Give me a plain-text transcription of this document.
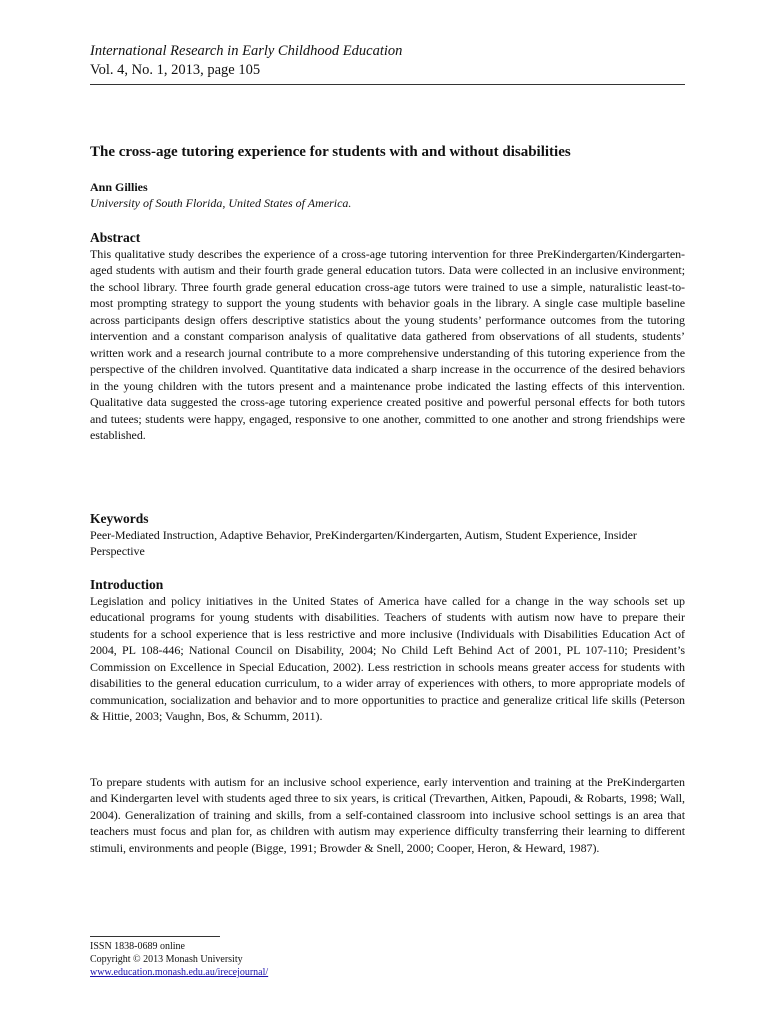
International Research in Early Childhood Education
Vol. 4, No. 1, 2013, page 105
The cross-age tutoring experience for students with and without disabilities
Ann Gillies
University of South Florida, United States of America.
Abstract

This qualitative study describes the experience of a cross-age tutoring intervention for three PreKindergarten/Kindergarten-aged students with autism and their fourth grade general education tutors. Data were collected in an inclusive environment; the school library. Three fourth grade general education cross-age tutors were trained to use a simple, naturalistic least-to-most prompting strategy to support the young students with behavior goals in the library. A single case multiple baseline across participants design offers descriptive statistics about the young students’ performance outcomes from the tutoring intervention and a constant comparison analysis of qualitative data gathered from observations of all students, students’ written work and a research journal contribute to a more comprehensive understanding of this tutoring experience from the perspective of the children involved. Quantitative data indicated a sharp increase in the occurrence of the desired behaviors in the young children with the tutors present and a maintenance probe indicated the lasting effects of this intervention. Qualitative data suggested the cross-age tutoring experience created positive and powerful personal effects for both tutors and tutees; students were happy, engaged, responsive to one another, committed to one another and strong friendships were established.

Keywords

Peer-Mediated Instruction, Adaptive Behavior, PreKindergarten/Kindergarten, Autism, Student Experience, Insider Perspective

Introduction

Legislation and policy initiatives in the United States of America have called for a change in the way schools set up educational programs for young students with disabilities. Teachers of students with autism now have to prepare their students for a school experience that is less restrictive and more inclusive (Individuals with Disabilities Education Act of 2004, PL 108-446; National Council on Disability, 2004; No Child Left Behind Act of 2001, PL 107-110; President’s Commission on Excellence in Special Education, 2002). Less restriction in schools means greater access for students with disabilities to the general education curriculum, to a wider array of experiences with others, to more appropriate models of communication, socialization and behavior and to more opportunities to practice and generalize critical life skills (Peterson & Hittie, 2003; Vaughn, Bos, & Schumm, 2011).

To prepare students with autism for an inclusive school experience, early intervention and training at the PreKindergarten and Kindergarten level with students aged three to six years, is critical (Trevarthen, Aitken, Papoudi, & Robarts, 1998; Wall, 2004). Generalization of training and skills, from a self-contained classroom into inclusive school settings is an area that teachers must focus and plan for, as children with autism may experience difficulty transferring their learning to different stimuli, environments and people (Bigge, 1991; Browder & Snell, 2000; Cooper, Heron, & Heward, 1987).

ISSN 1838-0689 online
Copyright © 2013 Monash University
www.education.monash.edu.au/irecejournal/
